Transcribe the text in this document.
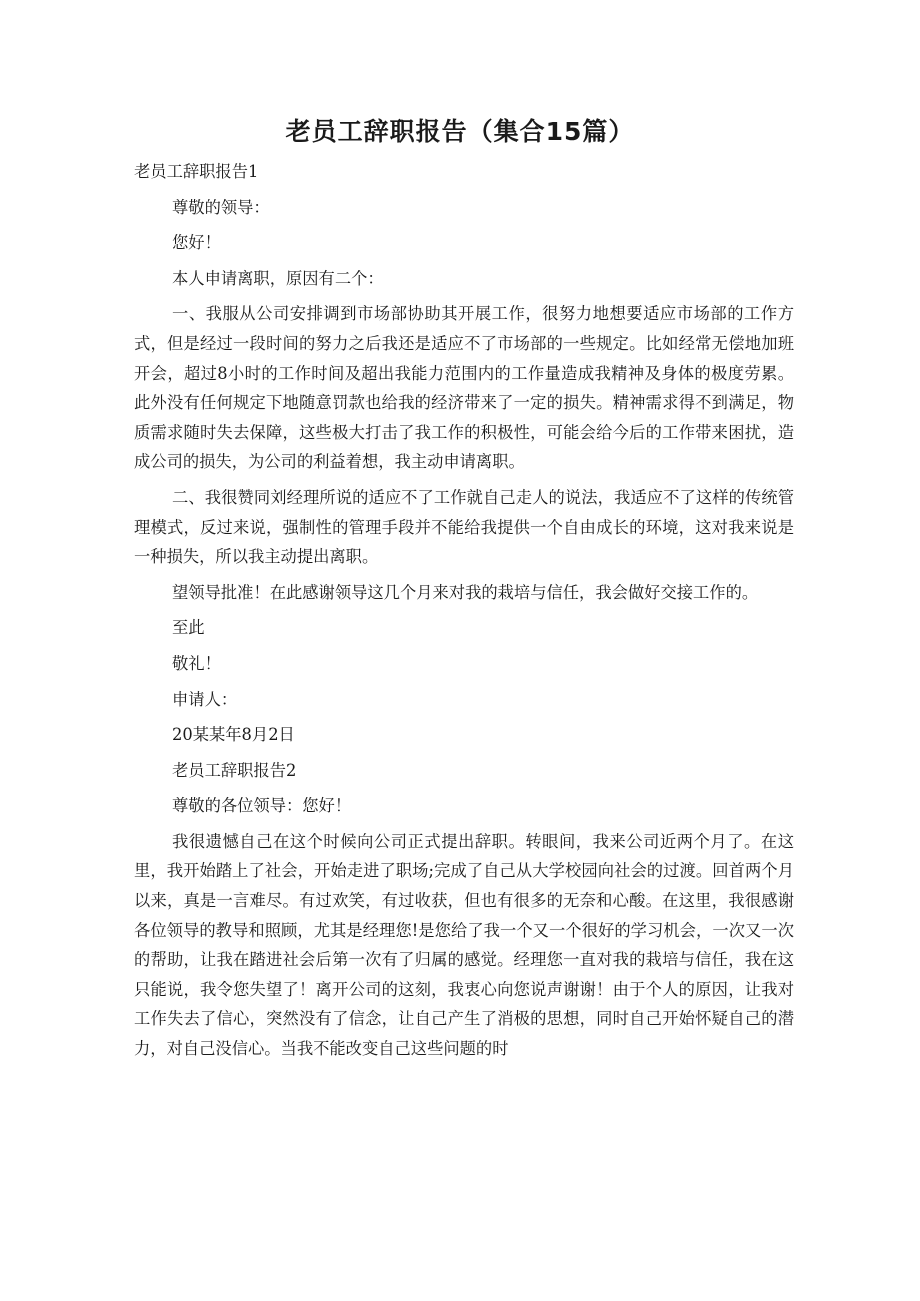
老员工辞职报告（集合15篇）

老员工辞职报告1

尊敬的领导：

您好！

本人申请离职，原因有二个：

一、我服从公司安排调到市场部协助其开展工作，很努力地想要适应市场部的工作方式，但是经过一段时间的努力之后我还是适应不了市场部的一些规定。比如经常无偿地加班开会，超过8小时的工作时间及超出我能力范围内的工作量造成我精神及身体的极度劳累。此外没有任何规定下地随意罚款也给我的经济带来了一定的损失。精神需求得不到满足，物质需求随时失去保障，这些极大打击了我工作的积极性，可能会给今后的工作带来困扰，造成公司的损失，为公司的利益着想，我主动申请离职。

二、我很赞同刘经理所说的适应不了工作就自己走人的说法，我适应不了这样的传统管理模式，反过来说，强制性的管理手段并不能给我提供一个自由成长的环境，这对我来说是一种损失，所以我主动提出离职。

望领导批准！在此感谢领导这几个月来对我的栽培与信任，我会做好交接工作的。

至此

敬礼！

申请人：

20某某年8月2日

老员工辞职报告2

尊敬的各位领导：您好！

我很遗憾自己在这个时候向公司正式提出辞职。转眼间，我来公司近两个月了。在这里，我开始踏上了社会，开始走进了职场;完成了自己从大学校园向社会的过渡。回首两个月以来，真是一言难尽。有过欢笑，有过收获，但也有很多的无奈和心酸。在这里，我很感谢各位领导的教导和照顾，尤其是经理您!是您给了我一个又一个很好的学习机会，一次又一次的帮助，让我在踏进社会后第一次有了归属的感觉。经理您一直对我的栽培与信任，我在这只能说，我令您失望了！离开公司的这刻，我衷心向您说声谢谢！由于个人的原因，让我对工作失去了信心，突然没有了信念，让自己产生了消极的思想，同时自己开始怀疑自己的潜力，对自己没信心。当我不能改变自己这些问题的时
